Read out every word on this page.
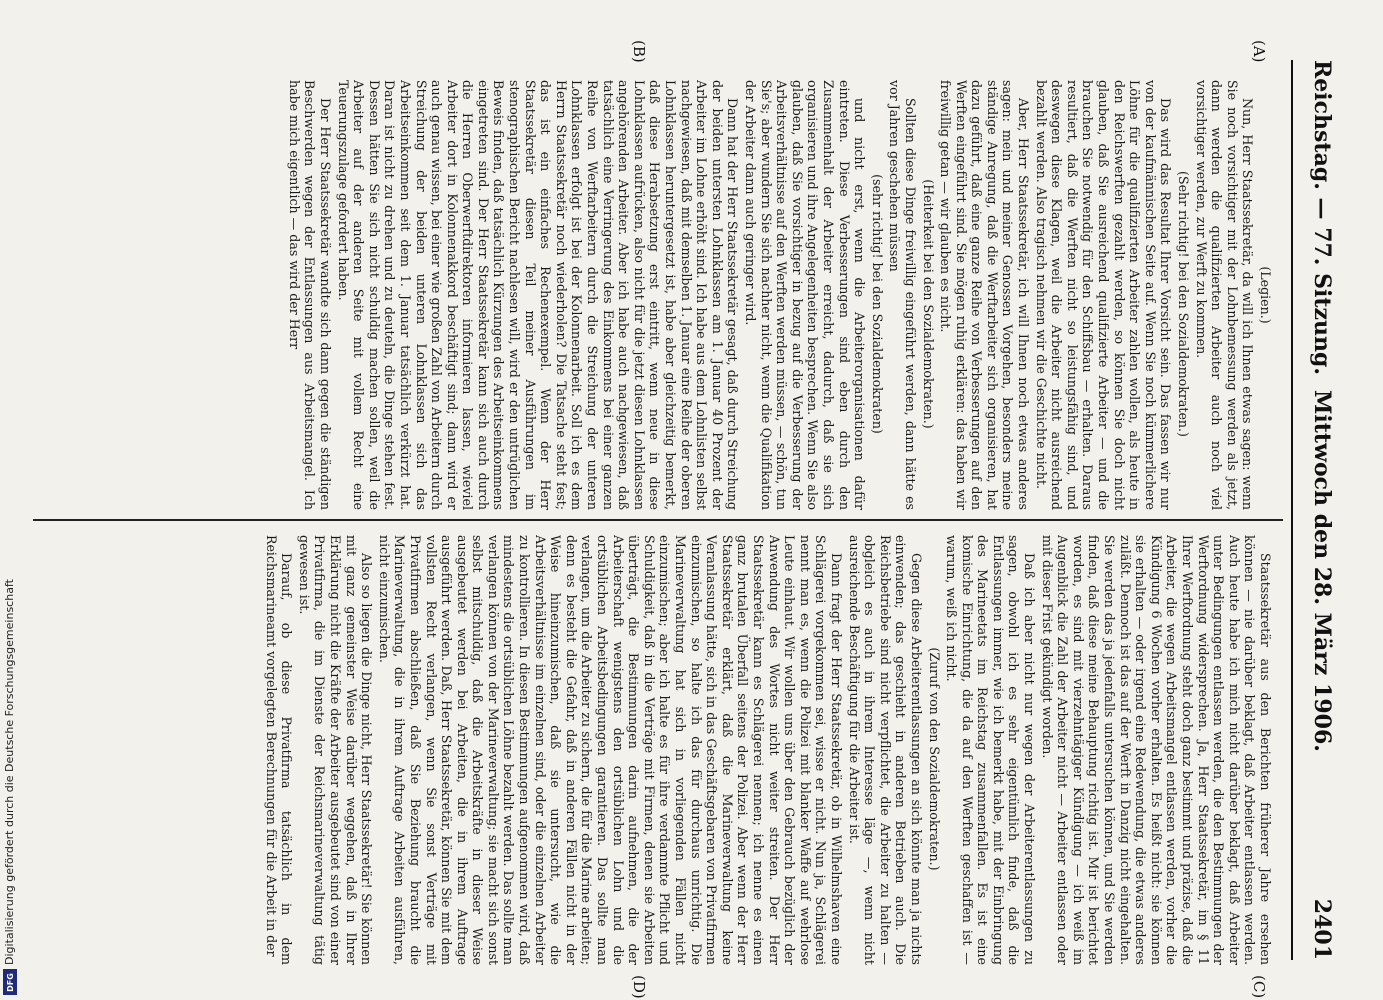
Reichstag. — 77. Sitzung.
Mittwoch den 28. März 1906.
2401
(A)
(B)
(C)
(D)

(Legien.)

Nun, Herr Staatssekretär, da will ich Ihnen etwas sagen: wenn Sie noch vorsichtiger mit der Lohnbemessung werden als jetzt, dann werden die qualifizierten Arbeiter auch noch viel vorsichtiger werden, zur Werft zu kommen.

(Sehr richtig! bei den Sozialdemokraten.)

Das wird das Resultat Ihrer Vorsicht sein. Das fassen wir nur von der kaufmännischen Seite auf. Wenn Sie noch kümmerlichere Löhne für die qualifizierten Arbeiter zahlen wollen, als heute in den Reichswerften gezahlt werden, so können Sie doch nicht glauben, daß Sie ausreichend qualifizierte Arbeiter — und die brauchen Sie notwendig für den Schiffsbau — erhalten. Daraus resultiert, daß die Werften nicht so leistungsfähig sind, und deswegen diese Klagen, weil die Arbeiter nicht ausreichend bezahlt werden. Also tragisch nehmen wir die Geschichte nicht.

Aber, Herr Staatssekretär, ich will Ihnen noch etwas anderes sagen: mein und meiner Genossen Vorgehen, besonders meine ständige Anregung, daß die Werftarbeiter sich organisieren, hat dazu geführt, daß eine ganze Reihe von Verbesserungen auf den Werften eingeführt sind. Sie mögen ruhig erklären: das haben wir freiwillig getan — wir glauben es nicht.

(Heiterkeit bei den Sozialdemokraten.)

Sollten diese Dinge freiwillig eingeführt werden, dann hätte es vor Jahren geschehen müssen

(sehr richtig! bei den Sozialdemokraten)

und nicht erst, wenn die Arbeiterorganisationen dafür eintreten. Diese Verbesserungen sind eben durch den Zusammenhalt der Arbeiter erreicht, dadurch, daß sie sich organisieren und ihre Angelegenheiten besprechen. Wenn Sie also glauben, daß Sie vorsichtiger in bezug auf die Verbesserung der Arbeitsverhältnisse auf den Werften werden müssen, — schön, tun Sie's; aber wundern Sie sich nachher nicht, wenn die Qualifikation der Arbeiter dann auch geringer wird.

Dann hat der Herr Staatssekretär gesagt, daß durch Streichung der beiden untersten Lohnklassen am 1. Januar 40 Prozent der Arbeiter im Lohne erhöht sind. Ich habe aus dem Lohnlisten selbst nachgewiesen, daß mit demselben 1. Januar eine Reihe der oberen Lohnklassen heruntergesetzt ist, habe aber gleichzeitig bemerkt, daß diese Herabsetzung erst eintritt, wenn neue in diese Lohnklassen aufrücken, also nicht für die jetzt diesen Lohnklassen angehörenden Arbeiter. Aber ich habe auch nachgewiesen, daß tatsächlich eine Verringerung des Einkommens bei einer ganzen Reihe von Werftarbeitern durch die Streichung der unteren Lohnklassen erfolgt ist bei der Kolonnenarbeit. Soll ich es dem Herrn Staatssekretär noch wiederholen? Die Tatsache steht fest; das ist ein einfaches Rechenexempel. Wenn der Herr Staatssekretär diesen Teil meiner Ausführungen im stenographischen Bericht nachlesen will, wird er den untrüglichen Beweis finden, daß tatsächlich Kürzungen des Arbeitseinkommens eingetreten sind. Der Herr Staatssekretär kann sich auch durch die Herren Oberwerftdirektoren informieren lassen, wieviel Arbeiter dort in Kolonnenakkord beschäftigt sind; dann wird er auch genau wissen, bei einer wie großen Zahl von Arbeitern durch Streichung der beiden unteren Lohnklassen sich das Arbeitseinkommen seit dem 1. Januar tatsächlich verkürzt hat. Daran ist nicht zu drehen und zu deuteln, die Dinge stehen fest. Dessen hätten Sie sich nicht schuldig machen sollen, weil die Arbeiter auf der anderen Seite mit vollem Recht eine Teuerungszulage gefordert haben.

Der Herr Staatssekretär wandte sich dann gegen die ständigen Beschwerden wegen der Entlassungen aus Arbeitsmangel. Ich habe mich eigentlich — das wird der Herr

Staatssekretär aus den Berichten früherer Jahre ersehen können — nie darüber beklagt, daß Arbeiter entlassen werden. Auch heute habe ich mich nicht darüber beklagt, daß Arbeiter unter Bedingungen entlassen werden, die den Bestimmungen der Werftordnung widersprechen. Ja, Herr Staatssekretär, im § 11 Ihrer Werftordnung steht doch ganz bestimmt und präzise, daß die Arbeiter, die wegen Arbeitsmangel entlassen werden, vorher die Kündigung 6 Wochen vorher erhalten. Es heißt nicht: sie können sie erhalten — oder irgend eine Redewendung, die etwas anderes zuläßt. Dennoch ist das auf der Werft in Danzig nicht eingehalten. Sie werden das ja jedenfalls untersuchen können, und Sie werden finden, daß diese meine Behauptung richtig ist. Mir ist berichtet worden, es sind mit vierzehntägiger Kündigung — ich weiß im Augenblick die Zahl der Arbeiter nicht — Arbeiter entlassen oder mit dieser Frist gekündigt worden.

Daß ich aber nicht nur wegen der Arbeiterentlassungen zu sagen, obwohl ich es sehr eigentümlich finde, daß die Entlassungen immer, wie ich bemerkt habe, mit der Einbringung des Marineetats im Reichstag zusammenfallen. Es ist eine komische Einrichtung, die da auf den Werften geschaffen ist — warum, weiß ich nicht.

(Zuruf von den Sozialdemokraten.)

Gegen diese Arbeiterentlassungen an sich könnte man ja nichts einwenden; das geschieht in anderen Betrieben auch. Die Reichsbetriebe sind nicht verpflichtet, die Arbeiter zu halten — obgleich es auch in ihrem Interesse läge —, wenn nicht ausreichende Beschäftigung für die Arbeiter ist.

Dann fragt der Herr Staatssekretär, ob in Wilhelmshaven eine Schlägerei vorgekommen sei, wisse er nicht. Nun ja, Schlägerei nennt man es, wenn die Polizei mit blanker Waffe auf wehrlose Leute einhaut. Wir wollen uns über den Gebrauch bezüglich der Anwendung des Wortes nicht weiter streiten. Der Herr Staatssekretär kann es Schlägerei nennen; ich nenne es einen ganz brutalen Überfall seitens der Polizei. Aber wenn der Herr Staatssekretär erklärt, daß die Marineverwaltung keine Veranlassung hätte, sich in das Geschäftsgebaren von Privatfirmen einzumischen, so halte ich das für durchaus unrichtig. Die Marineverwaltung hat sich in vorliegenden Fällen nicht einzumischen; aber ich halte es für ihre verdammte Pflicht und Schuldigkeit, daß in die Verträge mit Firmen, denen sie Arbeiten überträgt, die Bestimmungen darin aufnehmen, die der Arbeiterschaft wenigstens den ortsüblichen Lohn und die ortsüblichen Arbeitsbedingungen garantieren. Das sollte man verlangen, um die Arbeiter zu sichern, die für die Marine arbeiten; denn es besteht die Gefahr, daß in anderen Fällen nicht in der Weise hineinzumischen, daß sie untersucht, wie die Arbeitsverhältnisse im einzelnen sind, oder die einzelnen Arbeiter zu kontrollieren. In diesen Bestimmungen aufgenommen wird, daß mindestens die ortsüblichen Löhne bezahlt werden. Das sollte man verlangen können von der Marineverwaltung; sie macht sich sonst selbst mitschuldig, daß die Arbeitskräfte in dieser Weise ausgebeutet werden bei Arbeiten, die in ihrem Auftrage ausgeführt werden. Daß, Herr Staatssekretär, können Sie mit dem vollsten Recht verlangen, wenn Sie sonst Verträge mit Privatfirmen abschließen, daß Sie Beziehung braucht die Marineverwaltung, die in ihrem Auftrage Arbeiten ausführen, nicht einzumischen.

Also so liegen die Dinge nicht, Herr Staatssekretär! Sie können mit ganz gemeinster Weise darüber weggehen, daß in Ihrer Erklärung nicht die Kräfte der Arbeiter ausgebeutet sind von einer Privatfirma, die im Dienste der Reichsmarineverwaltung tätig gewesen ist.

Darauf, ob diese Privatfirma tatsächlich in dem Reichsmarineamt vorgelegten Berechnungen für die Arbeit in der

Digitalisierung gefördert durch die Deutsche Forschungsgemeinschaft
DFG
